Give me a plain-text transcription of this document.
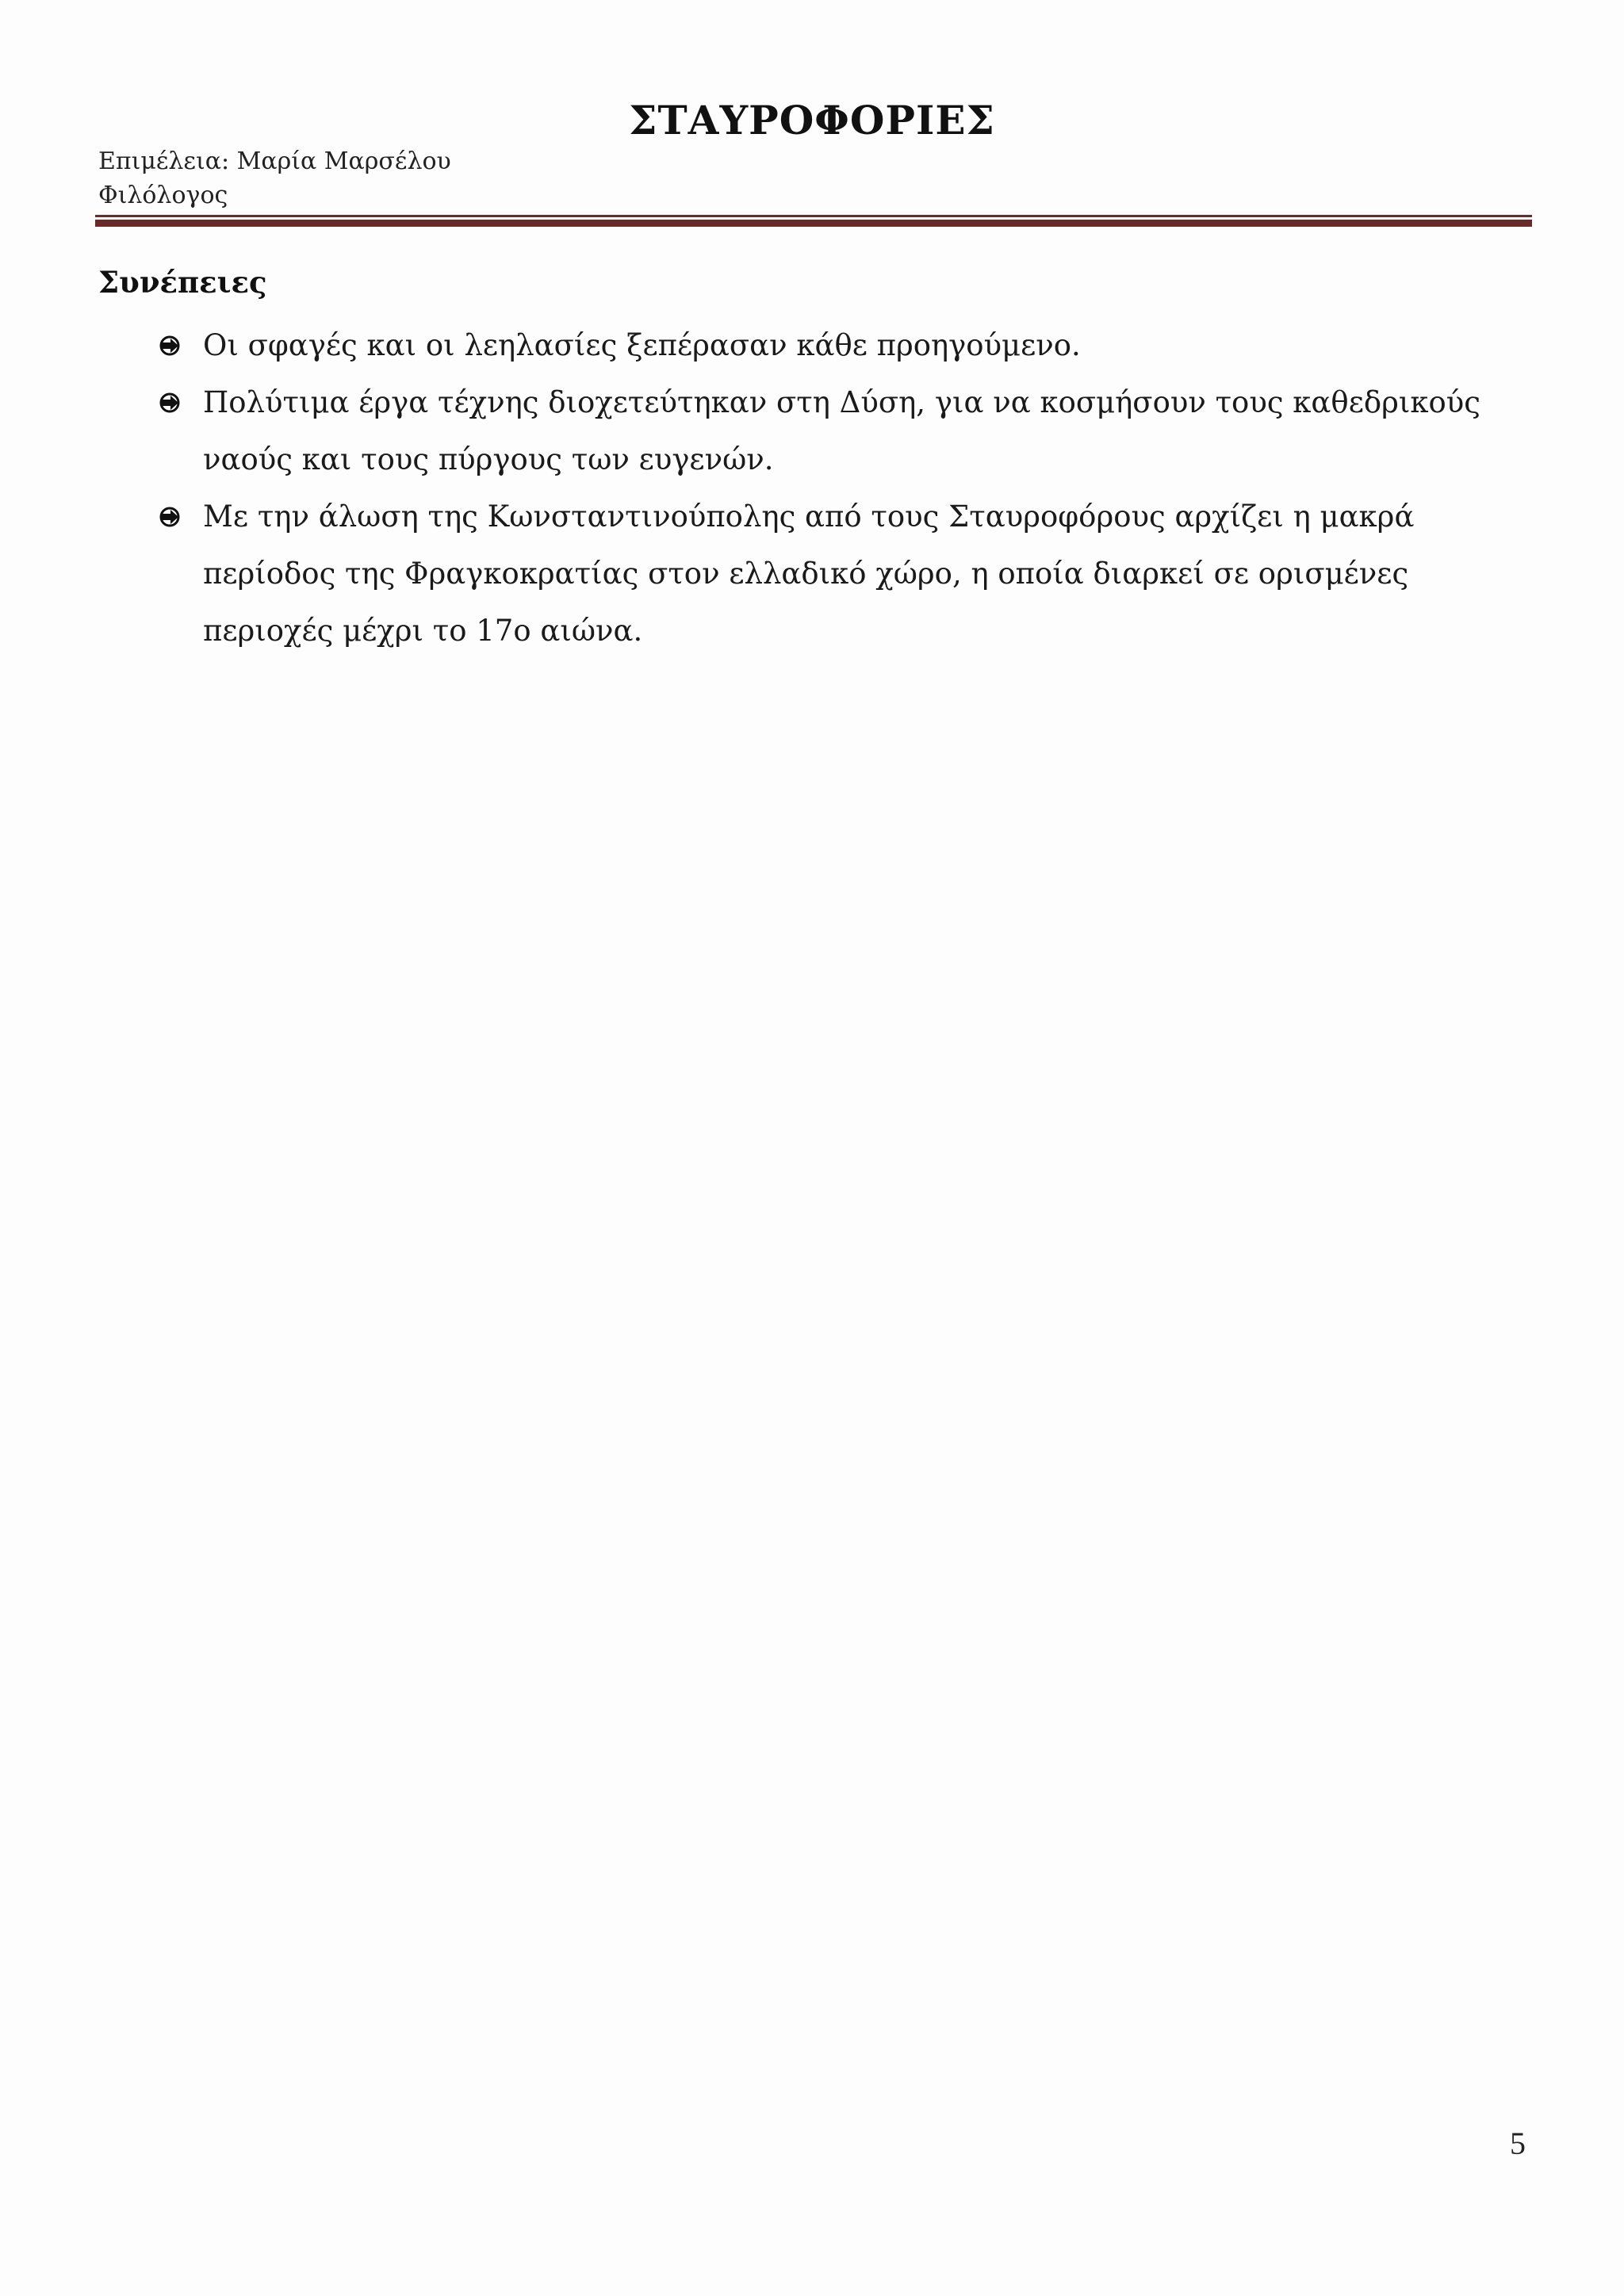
ΣΤΑΥΡΟΦΟΡΙΕΣ
Επιμέλεια: Μαρία Μαρσέλου
Φιλόλογος
Συνέπειες
Οι σφαγές και οι λεηλασίες ξεπέρασαν κάθε προηγούμενο.
Πολύτιμα έργα τέχνης διοχετεύτηκαν στη Δύση, για να κοσμήσουν τους καθεδρικούς ναούς και τους πύργους των ευγενών.
Με την άλωση της Κωνσταντινούπολης από τους Σταυροφόρους αρχίζει η μακρά περίοδος της Φραγκοκρατίας στον ελλαδικό χώρο, η οποία διαρκεί σε ορισμένες περιοχές μέχρι το 17ο αιώνα.
5
